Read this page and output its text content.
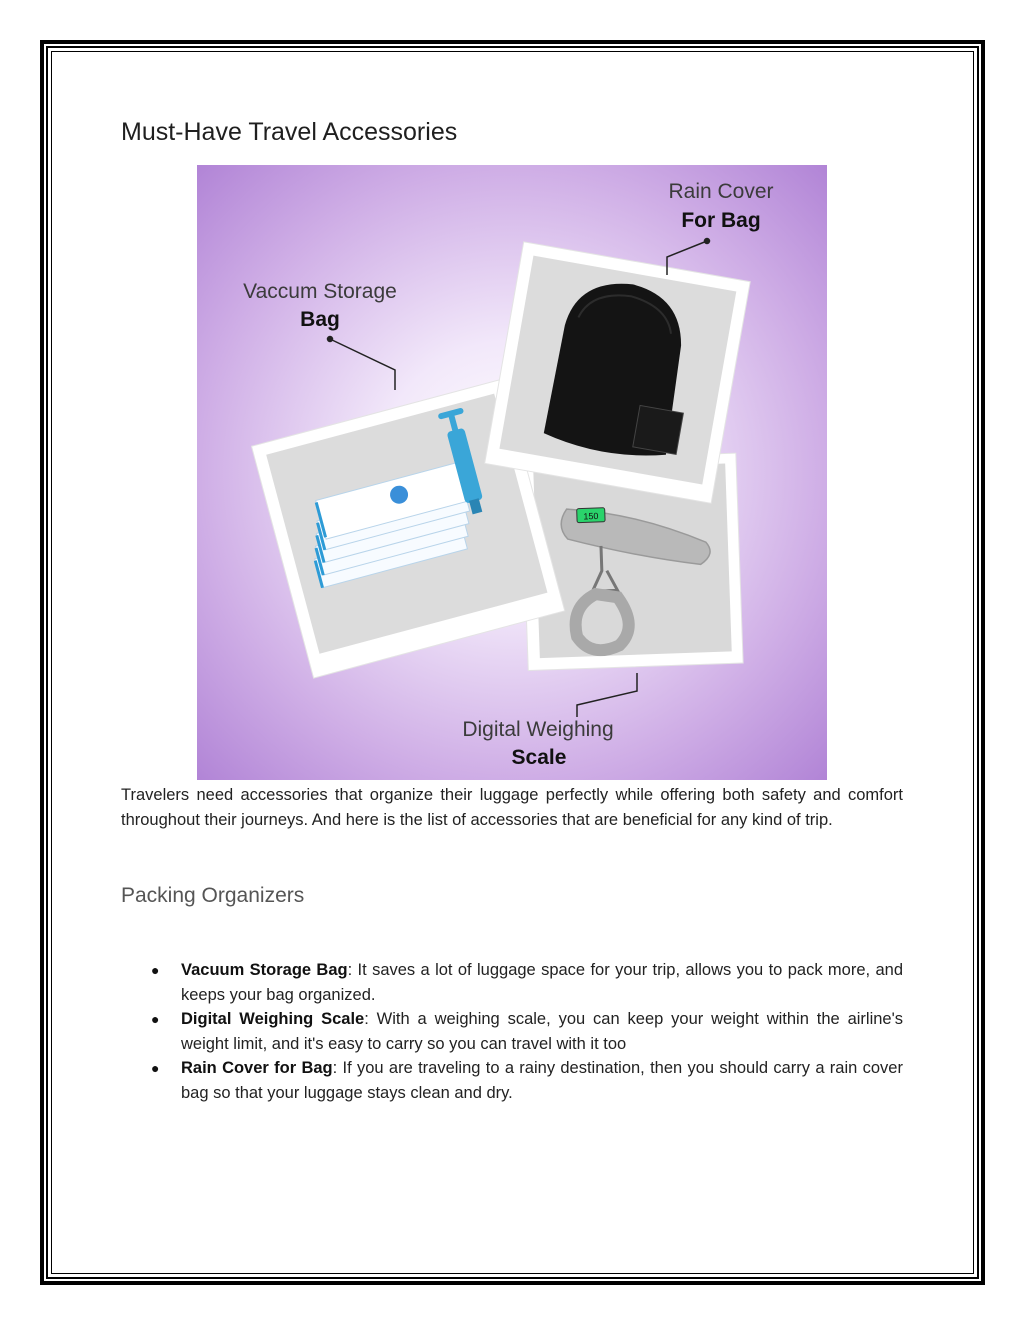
Must-Have Travel Accessories
150
Vaccum Storage
Bag
Rain Cover
For Bag
Digital Weighing
Scale

Travelers need accessories that organize their luggage perfectly while offering both safety and comfort throughout their journeys. And here is the list of accessories that are beneficial for any kind of trip.

Packing Organizers
● Vacuum Storage Bag: It saves a lot of luggage space for your trip, allows you to pack more, and keeps your bag organized.
● Digital Weighing Scale: With a weighing scale, you can keep your weight within the airline's weight limit, and it's easy to carry so you can travel with it too
● Rain Cover for Bag: If you are traveling to a rainy destination, then you should carry a rain cover bag so that your luggage stays clean and dry.
